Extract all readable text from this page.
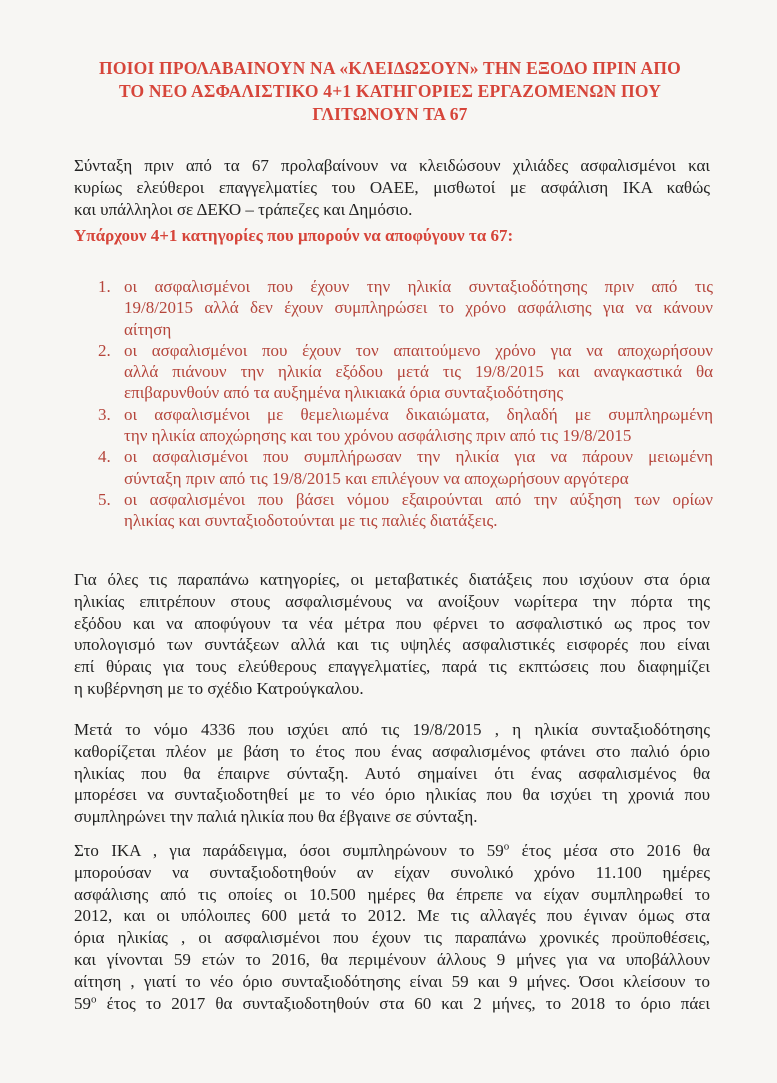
ΠΟΙΟΙ ΠΡΟΛΑΒΑΙΝΟΥΝ ΝΑ «ΚΛΕΙΔΩΣΟΥΝ» ΤΗΝ ΕΞΟΔΟ ΠΡΙΝ ΑΠΟ
ΤΟ ΝΕΟ ΑΣΦΑΛΙΣΤΙΚΟ 4+1 ΚΑΤΗΓΟΡΙΕΣ ΕΡΓΑΖΟΜΕΝΩΝ ΠΟΥ
ΓΛΙΤΩΝΟΥΝ ΤΑ 67
Σύνταξη πριν από τα 67 προλαβαίνουν να κλειδώσουν χιλιάδες ασφαλισμένοι και
κυρίως ελεύθεροι επαγγελματίες του ΟΑΕΕ, μισθωτοί με ασφάλιση ΙΚΑ καθώς
και υπάλληλοι σε ΔΕΚΟ – τράπεζες και Δημόσιο.
Υπάρχουν 4+1 κατηγορίες που μπορούν να αποφύγουν τα 67:
1. οι ασφαλισμένοι που έχουν την ηλικία συνταξιοδότησης πριν από τις
19/8/2015 αλλά δεν έχουν συμπληρώσει το χρόνο ασφάλισης για να κάνουν
αίτηση
2. οι ασφαλισμένοι που έχουν τον απαιτούμενο χρόνο για να αποχωρήσουν
αλλά πιάνουν την ηλικία εξόδου μετά τις 19/8/2015 και αναγκαστικά θα
επιβαρυνθούν από τα αυξημένα ηλικιακά όρια συνταξιοδότησης
3. οι ασφαλισμένοι με θεμελιωμένα δικαιώματα, δηλαδή με συμπληρωμένη
την ηλικία αποχώρησης και του χρόνου ασφάλισης πριν από τις 19/8/2015
4. οι ασφαλισμένοι που συμπλήρωσαν την ηλικία για να πάρουν μειωμένη
σύνταξη πριν από τις 19/8/2015 και επιλέγουν να αποχωρήσουν αργότερα
5. οι ασφαλισμένοι που βάσει νόμου εξαιρούνται από την αύξηση των ορίων
ηλικίας και συνταξιοδοτούνται με τις παλιές διατάξεις.
Για όλες τις παραπάνω κατηγορίες, οι μεταβατικές διατάξεις που ισχύουν στα όρια
ηλικίας επιτρέπουν στους ασφαλισμένους να ανοίξουν νωρίτερα την πόρτα της
εξόδου και να αποφύγουν τα νέα μέτρα που φέρνει το ασφαλιστικό ως προς τον
υπολογισμό των συντάξεων αλλά και τις υψηλές ασφαλιστικές εισφορές που είναι
επί θύραις για τους ελεύθερους επαγγελματίες, παρά τις εκπτώσεις που διαφημίζει
η κυβέρνηση με το σχέδιο Κατρούγκαλου.
Μετά το νόμο 4336 που ισχύει από τις 19/8/2015 , η ηλικία συνταξιοδότησης
καθορίζεται πλέον με βάση το έτος που ένας ασφαλισμένος φτάνει στο παλιό όριο
ηλικίας που θα έπαιρνε σύνταξη. Αυτό σημαίνει ότι ένας ασφαλισμένος θα
μπορέσει να συνταξιοδοτηθεί με το νέο όριο ηλικίας που θα ισχύει τη χρονιά που
συμπληρώνει την παλιά ηλικία που θα έβγαινε σε σύνταξη.
Στο ΙΚΑ , για παράδειγμα, όσοι συμπληρώνουν το $59^o$ έτος μέσα στο 2016 θα
μπορούσαν να συνταξιοδοτηθούν αν είχαν συνολικό χρόνο 11.100 ημέρες
ασφάλισης από τις οποίες οι 10.500 ημέρες θα έπρεπε να είχαν συμπληρωθεί το
2012, και οι υπόλοιπες 600 μετά το 2012. Με τις αλλαγές που έγιναν όμως στα
όρια ηλικίας , οι ασφαλισμένοι που έχουν τις παραπάνω χρονικές προϋποθέσεις,
και γίνονται 59 ετών το 2016, θα περιμένουν άλλους 9 μήνες για να υποβάλλουν
αίτηση , γιατί το νέο όριο συνταξιοδότησης είναι 59 και 9 μήνες. Όσοι κλείσουν το
$59^o$ έτος το 2017 θα συνταξιοδοτηθούν στα 60 και 2 μήνες, το 2018 το όριο πάει
